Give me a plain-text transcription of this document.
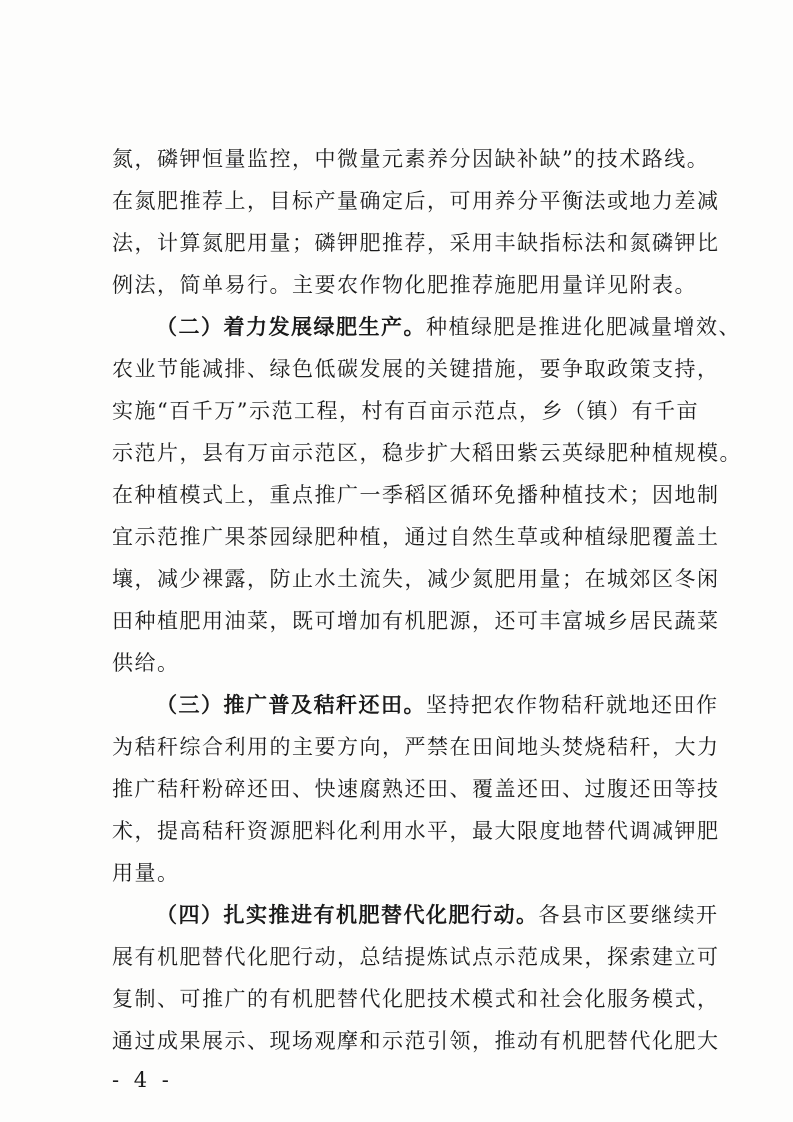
氮，磷钾恒量监控，中微量元素养分因缺补缺”的技术路线。
在氮肥推荐上，目标产量确定后，可用养分平衡法或地力差减
法，计算氮肥用量；磷钾肥推荐，采用丰缺指标法和氮磷钾比
例法，简单易行。主要农作物化肥推荐施肥用量详见附表。
（二）着力发展绿肥生产。种植绿肥是推进化肥减量增效、
农业节能减排、绿色低碳发展的关键措施，要争取政策支持，
实施“百千万”示范工程，村有百亩示范点，乡（镇）有千亩
示范片，县有万亩示范区，稳步扩大稻田紫云英绿肥种植规模。
在种植模式上，重点推广一季稻区循环免播种植技术；因地制
宜示范推广果茶园绿肥种植，通过自然生草或种植绿肥覆盖土
壤，减少裸露，防止水土流失，减少氮肥用量；在城郊区冬闲
田种植肥用油菜，既可增加有机肥源，还可丰富城乡居民蔬菜
供给。
（三）推广普及秸秆还田。坚持把农作物秸秆就地还田作
为秸秆综合利用的主要方向，严禁在田间地头焚烧秸秆，大力
推广秸秆粉碎还田、快速腐熟还田、覆盖还田、过腹还田等技
术，提高秸秆资源肥料化利用水平，最大限度地替代调减钾肥
用量。
（四）扎实推进有机肥替代化肥行动。各县市区要继续开
展有机肥替代化肥行动，总结提炼试点示范成果，探索建立可
复制、可推广的有机肥替代化肥技术模式和社会化服务模式，
通过成果展示、现场观摩和示范引领，推动有机肥替代化肥大
- 4 -
